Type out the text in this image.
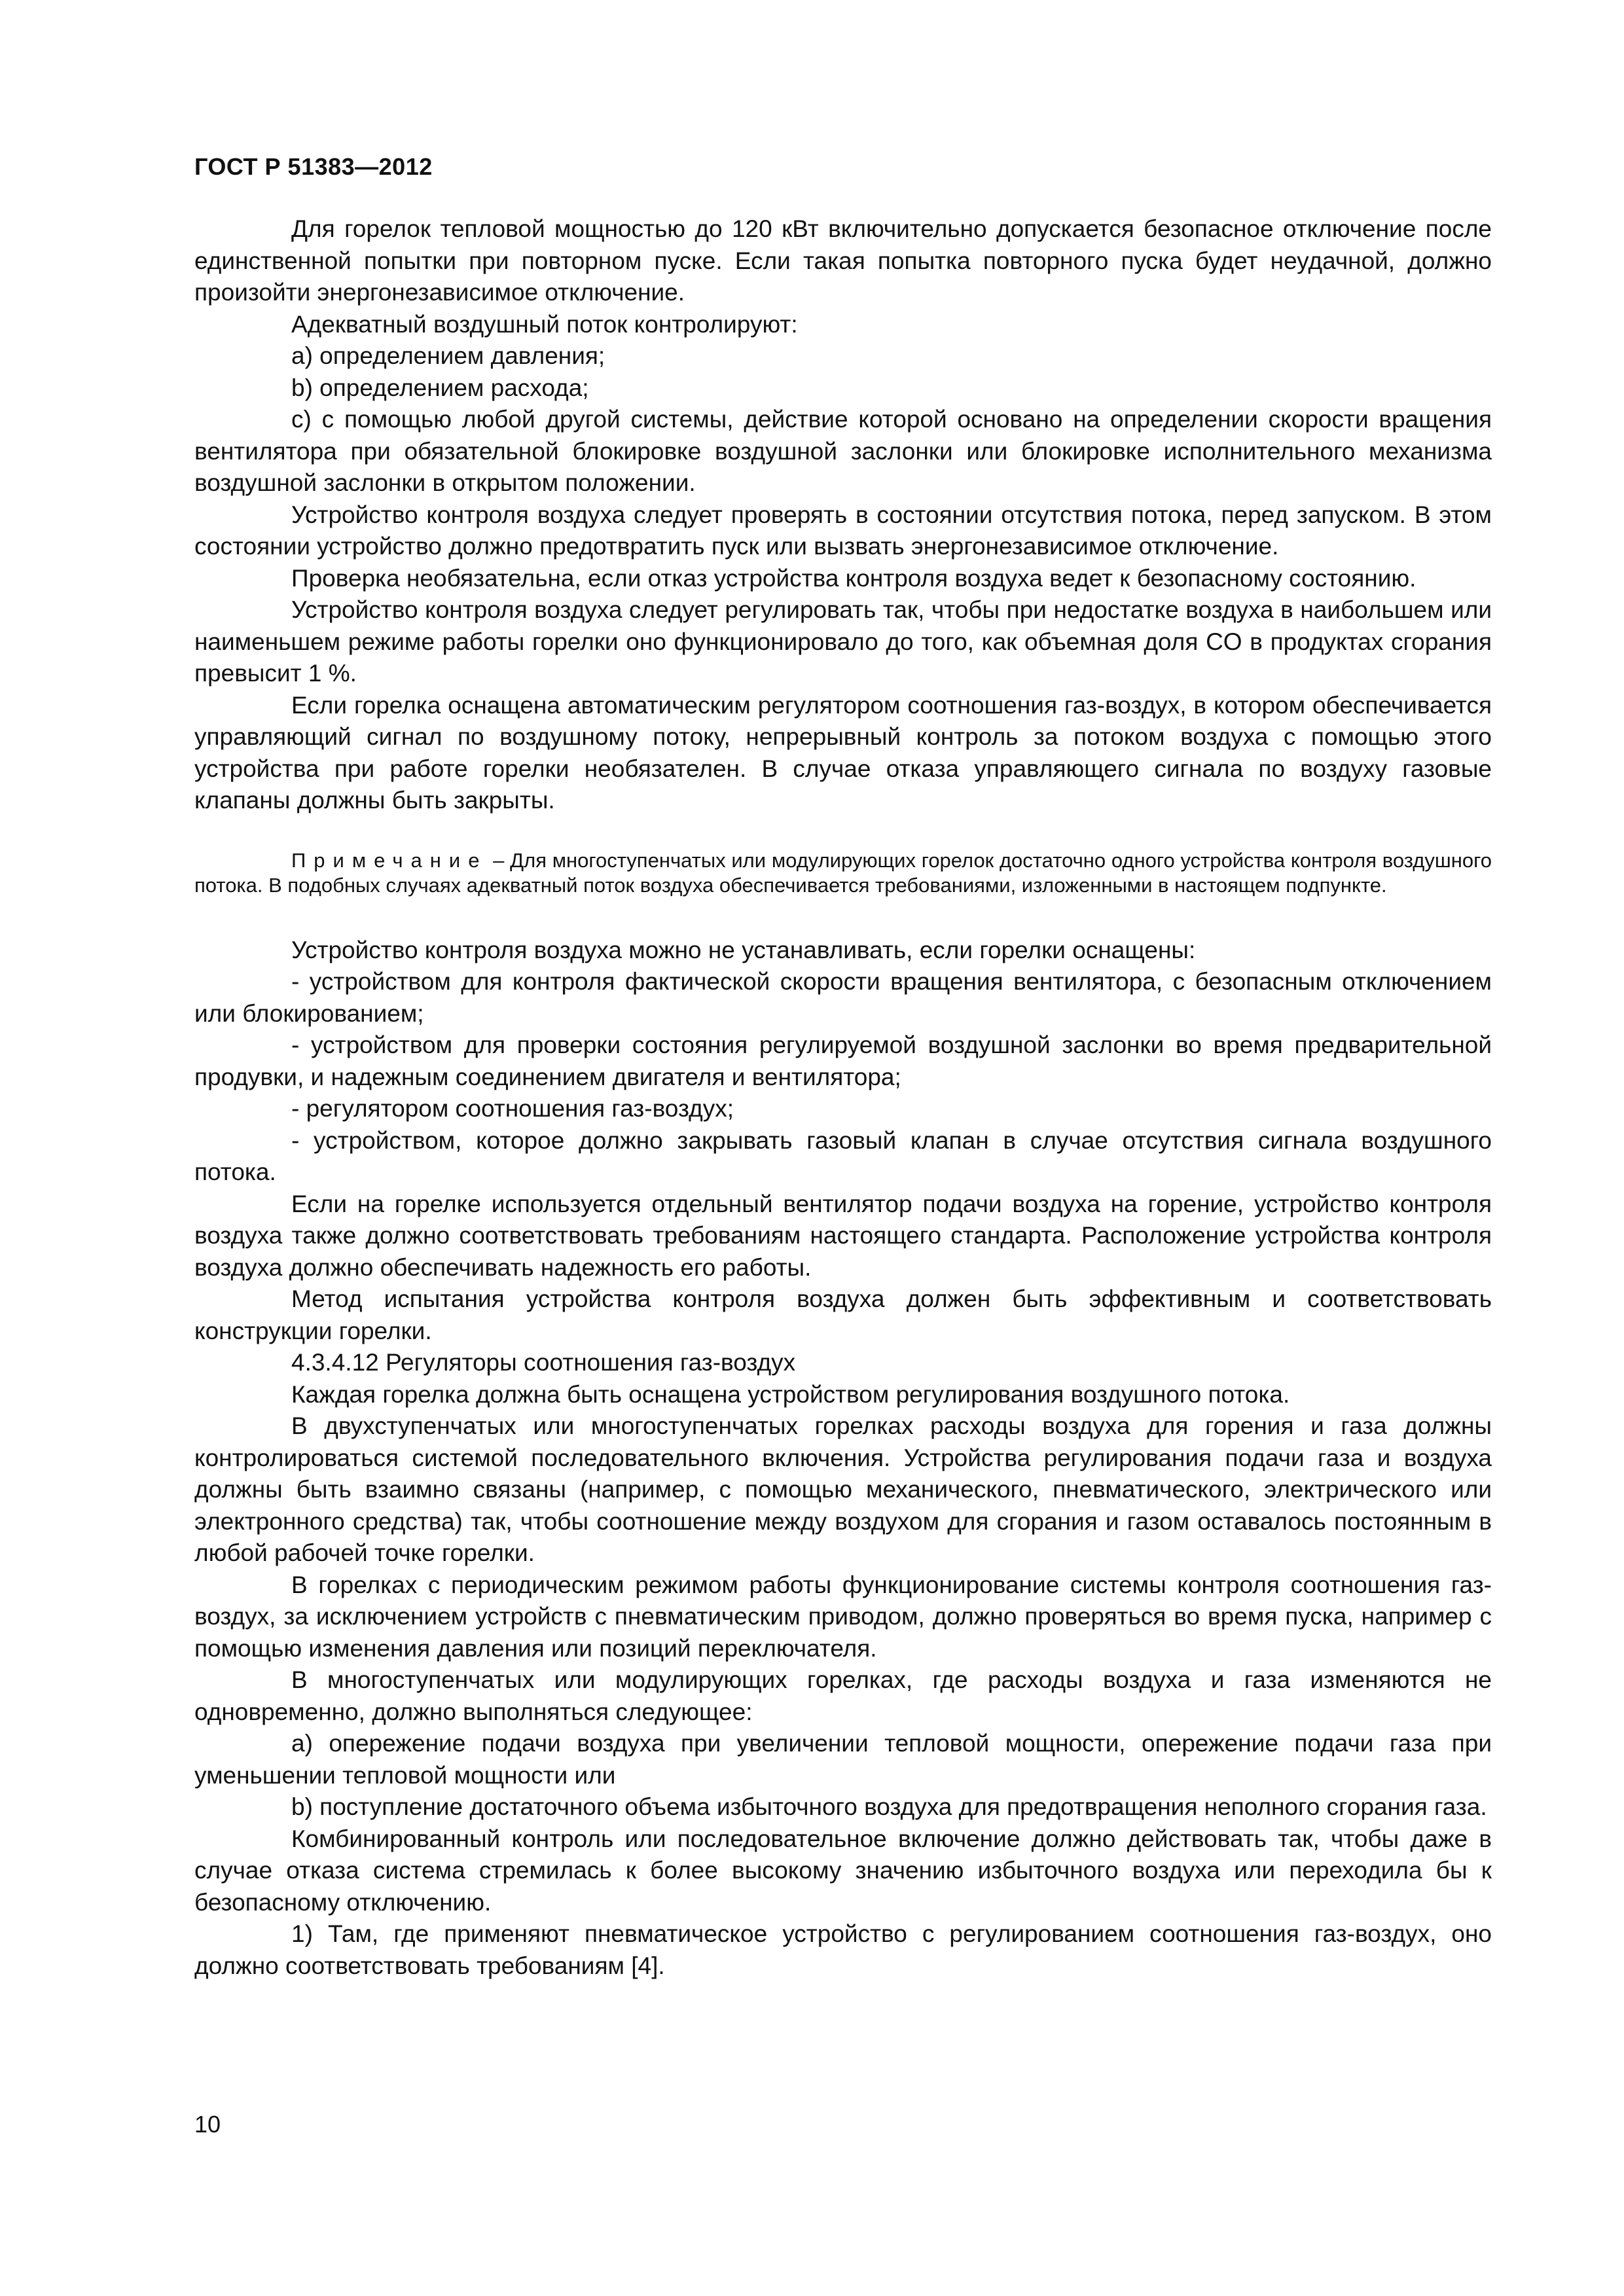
ГОСТ Р 51383—2012

Для горелок тепловой мощностью до 120 кВт включительно допускается безопасное отключение после единственной попытки при повторном пуске. Если такая попытка повторного пуска будет неудачной, должно произойти энергонезависимое отключение.

Адекватный воздушный поток контролируют:

a) определением давления;

b) определением расхода;

c) с помощью любой другой системы, действие которой основано на определении скорости вращения вентилятора при обязательной блокировке воздушной заслонки или блокировке исполнительного механизма воздушной заслонки в открытом положении.

Устройство контроля воздуха следует проверять в состоянии отсутствия потока, перед запуском. В этом состоянии устройство должно предотвратить пуск или вызвать энергонезависимое отключение.

Проверка необязательна, если отказ устройства контроля воздуха ведет к безопасному состоянию.

Устройство контроля воздуха следует регулировать так, чтобы при недостатке воздуха в наибольшем или наименьшем режиме работы горелки оно функционировало до того, как объемная доля CO в продуктах сгорания превысит 1 %.

Если горелка оснащена автоматическим регулятором соотношения газ-воздух, в котором обеспечивается управляющий сигнал по воздушному потоку, непрерывный контроль за потоком воздуха с помощью этого устройства при работе горелки необязателен. В случае отказа управляющего сигнала по воздуху газовые клапаны должны быть закрыты.

Примечание – Для многоступенчатых или модулирующих горелок достаточно одного устройства контроля воздушного потока. В подобных случаях адекватный поток воздуха обеспечивается требованиями, изложенными в настоящем подпункте.

Устройство контроля воздуха можно не устанавливать, если горелки оснащены:

- устройством для контроля фактической скорости вращения вентилятора, с безопасным отключением или блокированием;

- устройством для проверки состояния регулируемой воздушной заслонки во время предварительной продувки, и надежным соединением двигателя и вентилятора;

- регулятором соотношения газ-воздух;

- устройством, которое должно закрывать газовый клапан в случае отсутствия сигнала воздушного потока.

Если на горелке используется отдельный вентилятор подачи воздуха на горение, устройство контроля воздуха также должно соответствовать требованиям настоящего стандарта. Расположение устройства контроля воздуха должно обеспечивать надежность его работы.

Метод испытания устройства контроля воздуха должен быть эффективным и соответствовать конструкции горелки.

4.3.4.12 Регуляторы соотношения газ-воздух

Каждая горелка должна быть оснащена устройством регулирования воздушного потока.

В двухступенчатых или многоступенчатых горелках расходы воздуха для горения и газа должны контролироваться системой последовательного включения. Устройства регулирования подачи газа и воздуха должны быть взаимно связаны (например, с помощью механического, пневматического, электрического или электронного средства) так, чтобы соотношение между воздухом для сгорания и газом оставалось постоянным в любой рабочей точке горелки.

В горелках с периодическим режимом работы функционирование системы контроля соотношения газ-воздух, за исключением устройств с пневматическим приводом, должно проверяться во время пуска, например с помощью изменения давления или позиций переключателя.

В многоступенчатых или модулирующих горелках, где расходы воздуха и газа изменяются не одновременно, должно выполняться следующее:

a) опережение подачи воздуха при увеличении тепловой мощности, опережение подачи газа при уменьшении тепловой мощности или

b) поступление достаточного объема избыточного воздуха для предотвращения неполного сгорания газа.

Комбинированный контроль или последовательное включение должно действовать так, чтобы даже в случае отказа система стремилась к более высокому значению избыточного воздуха или переходила бы к безопасному отключению.

1) Там, где применяют пневматическое устройство с регулированием соотношения газ-воздух, оно должно соответствовать требованиям [4].

10
